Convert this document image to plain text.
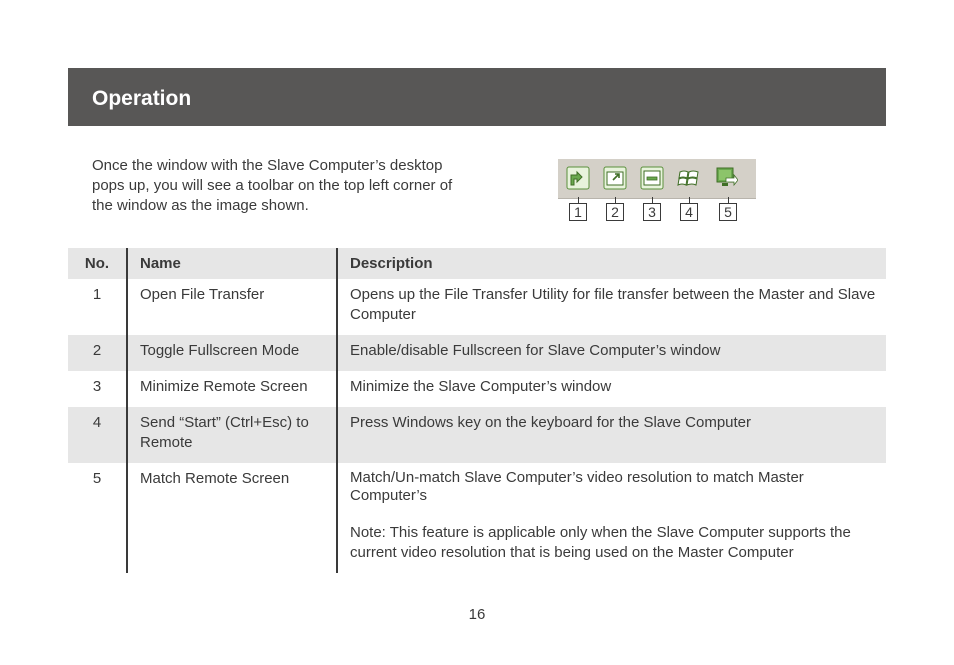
Operation

Once the window with the Slave Computer’s desktop pops up, you will see a toolbar on the top left corner of the window as the image shown.	1	2	3	4	5
No.	Name	Description
1	Open File Transfer	Opens up the File Transfer Utility for file transfer between the Master and Slave Computer
2	Toggle Fullscreen Mode	Enable/disable Fullscreen for Slave Computer’s window
3	Minimize Remote Screen	Minimize the Slave Computer’s window
4	Send “Start” (Ctrl+Esc) to Remote	Press Windows key on the keyboard for the Slave Computer
5	Match Remote Screen	Match/Un-match Slave Computer’s video resolution to match Master Computer’s
Note: This feature is applicable only when the Slave Computer supports the current video resolution that is being used on the Master Computer
16
